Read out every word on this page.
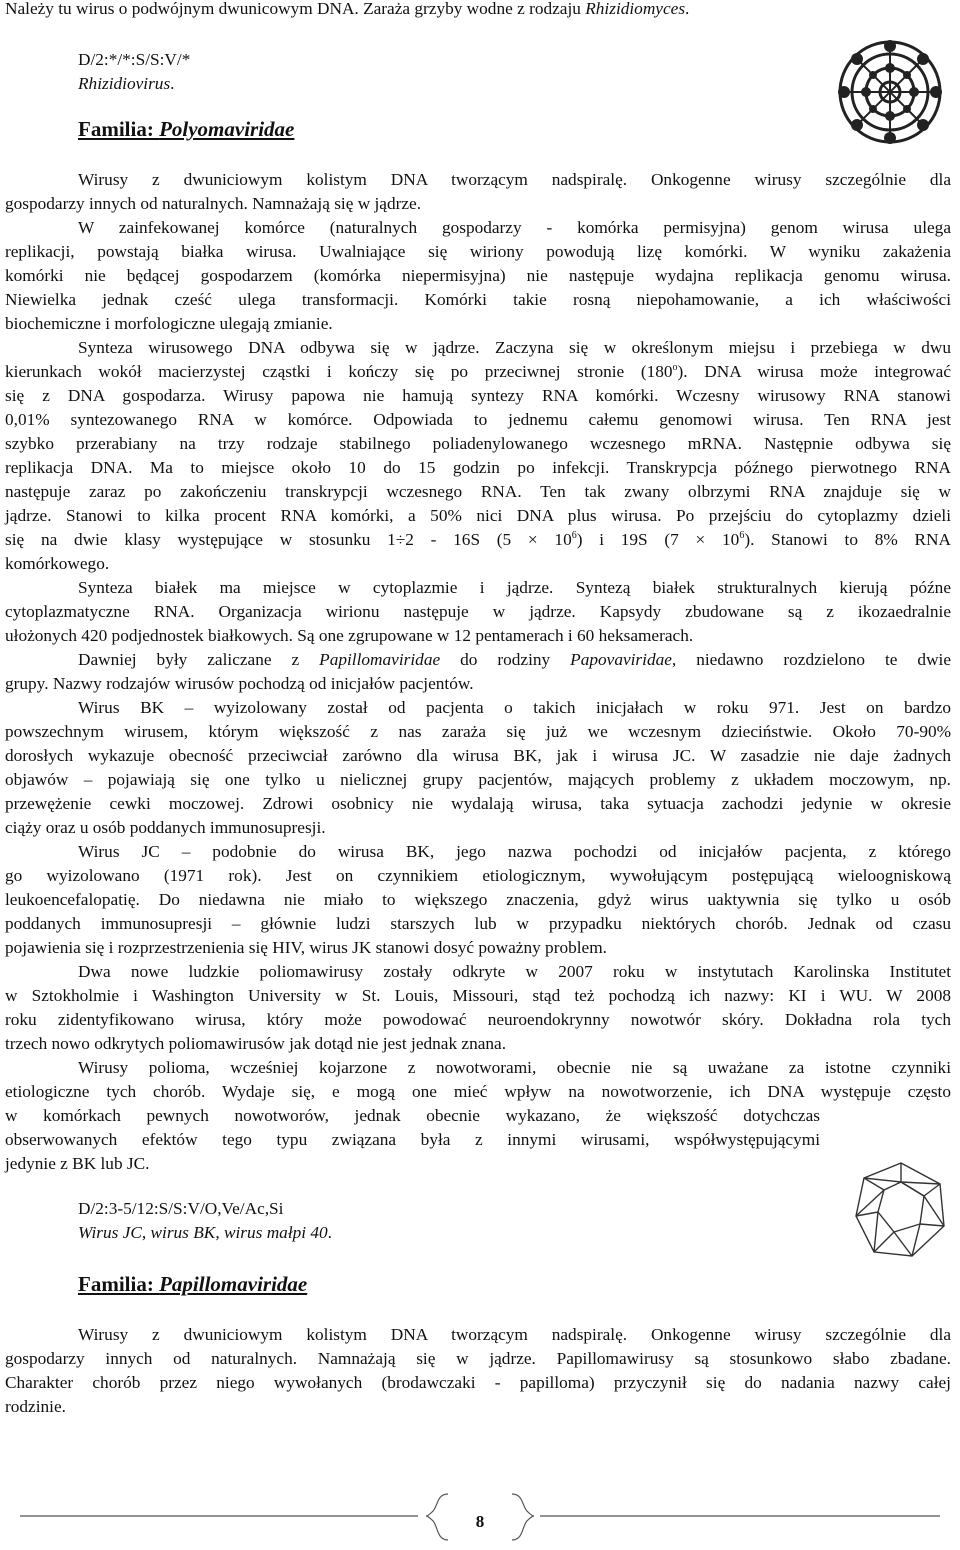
Należy tu wirus o podwójnym dwunicowym DNA. Zaraża grzyby wodne z rodzaju Rhizidiomyces.
D/2:*/*:S/S:V/*
Rhizidiovirus.
Familia: Polyomaviridae
Wirusy z dwuniciowym kolistym DNA tworzącym nadspiralę. Onkogenne wirusy szczególnie dla
gospodarzy innych od naturalnych. Namnażają się w jądrze.
W zainfekowanej komórce (naturalnych gospodarzy - komórka permisyjna) genom wirusa ulega
replikacji, powstają białka wirusa. Uwalniające się wiriony powodują lizę komórki. W wyniku zakażenia
komórki nie będącej gospodarzem (komórka niepermisyjna) nie następuje wydajna replikacja genomu wirusa.
Niewielka jednak cześć ulega transformacji. Komórki takie rosną niepohamowanie, a ich właściwości
biochemiczne i morfologiczne ulegają zmianie.
Synteza wirusowego DNA odbywa się w jądrze. Zaczyna się w określonym miejsu i przebiega w dwu
kierunkach wokół macierzystej cząstki i kończy się po przeciwnej stronie (180$^o$). DNA wirusa może integrować
się z DNA gospodarza. Wirusy papowa nie hamują syntezy RNA komórki. Wczesny wirusowy RNA stanowi
0,01% syntezowanego RNA w komórce. Odpowiada to jednemu całemu genomowi wirusa. Ten RNA jest
szybko przerabiany na trzy rodzaje stabilnego poliadenylowanego wczesnego mRNA. Następnie odbywa się
replikacja DNA. Ma to miejsce około 10 do 15 godzin po infekcji. Transkrypcja późnego pierwotnego RNA
następuje zaraz po zakończeniu transkrypcji wczesnego RNA. Ten tak zwany olbrzymi RNA znajduje się w
jądrze. Stanowi to kilka procent RNA komórki, a 50% nici DNA plus wirusa. Po przejściu do cytoplazmy dzieli
się na dwie klasy występujące w stosunku 1÷2 - 16S $(5 \times 10^6)$ i 19S $(7 \times 10^6)$. Stanowi to 8% RNA
komórkowego.
Synteza białek ma miejsce w cytoplazmie i jądrze. Syntezą białek strukturalnych kierują późne
cytoplazmatyczne RNA. Organizacja wirionu następuje w jądrze. Kapsydy zbudowane są z ikozaedralnie
ułożonych 420 podjednostek białkowych. Są one zgrupowane w 12 pentamerach i 60 heksamerach.
Dawniej były zaliczane z Papillomaviridae do rodziny Papovaviridae, niedawno rozdzielono te dwie
grupy. Nazwy rodzajów wirusów pochodzą od inicjałów pacjentów.
Wirus BK – wyizolowany został od pacjenta o takich inicjałach w roku 971. Jest on bardzo
powszechnym wirusem, którym większość z nas zaraża się już we wczesnym dzieciństwie. Około 70-90%
dorosłych wykazuje obecność przeciwciał zarówno dla wirusa BK, jak i wirusa JC. W zasadzie nie daje żadnych
objawów – pojawiają się one tylko u nielicznej grupy pacjentów, mających problemy z układem moczowym, np.
przewężenie cewki moczowej. Zdrowi osobnicy nie wydalają wirusa, taka sytuacja zachodzi jedynie w okresie
ciąży oraz u osób poddanych immunosupresji.
Wirus JC – podobnie do wirusa BK, jego nazwa pochodzi od inicjałów pacjenta, z którego
go wyizolowano (1971 rok). Jest on czynnikiem etiologicznym, wywołującym postępującą wieloogniskową
leukoencefalopatię. Do niedawna nie miało to większego znaczenia, gdyż wirus uaktywnia się tylko u osób
poddanych immunosupresji – głównie ludzi starszych lub w przypadku niektórych chorób. Jednak od czasu
pojawienia się i rozprzestrzenienia się HIV, wirus JK stanowi dosyć poważny problem.
Dwa nowe ludzkie poliomawirusy zostały odkryte w 2007 roku w instytutach Karolinska Institutet
w Sztokholmie i Washington University w St. Louis, Missouri, stąd też pochodzą ich nazwy: KI i WU. W 2008
roku zidentyfikowano wirusa, który może powodować neuroendokrynny nowotwór skóry. Dokładna rola tych
trzech nowo odkrytych poliomawirusów jak dotąd nie jest jednak znana.
Wirusy polioma, wcześniej kojarzone z nowotworami, obecnie nie są uważane za istotne czynniki
etiologiczne tych chorób. Wydaje się, e mogą one mieć wpływ na nowotworzenie, ich DNA występuje często
w komórkach pewnych nowotworów, jednak obecnie wykazano, że większość dotychczas
obserwowanych efektów tego typu związana była z innymi wirusami, współwystępującymi
jedynie z BK lub JC.
D/2:3-5/12:S/S:V/O,Ve/Ac,Si
Wirus JC, wirus BK, wirus małpi 40.
Familia: Papillomaviridae
Wirusy z dwuniciowym kolistym DNA tworzącym nadspiralę. Onkogenne wirusy szczególnie dla
gospodarzy innych od naturalnych. Namnażają się w jądrze. Papillomawirusy są stosunkowo słabo zbadane.
Charakter chorób przez niego wywołanych (brodawczaki - papilloma) przyczynił się do nadania nazwy całej
rodzinie.
8
